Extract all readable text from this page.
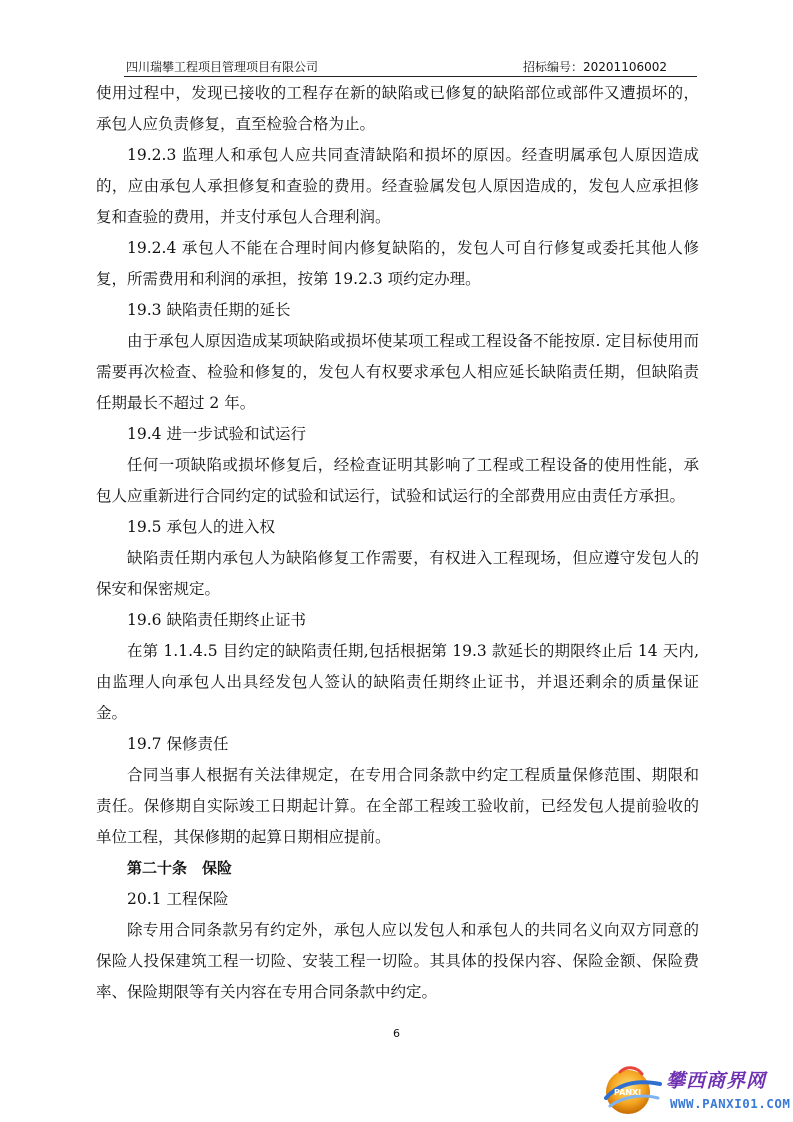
四川瑞攀工程项目管理项目有限公司	招标编号：20201106002

使用过程中，发现已接收的工程存在新的缺陷或已修复的缺陷部位或部件又遭损坏的，承包人应负责修复，直至检验合格为止。

19.2.3 监理人和承包人应共同查清缺陷和损坏的原因。经查明属承包人原因造成的，应由承包人承担修复和查验的费用。经查验属发包人原因造成的，发包人应承担修复和查验的费用，并支付承包人合理利润。

19.2.4 承包人不能在合理时间内修复缺陷的，发包人可自行修复或委托其他人修复，所需费用和利润的承担，按第 19.2.3 项约定办理。

19.3 缺陷责任期的延长

由于承包人原因造成某项缺陷或损坏使某项工程或工程设备不能按原. 定目标使用而需要再次检查、检验和修复的，发包人有权要求承包人相应延长缺陷责任期，但缺陷责任期最长不超过 2 年。

19.4 进一步试验和试运行

任何一项缺陷或损坏修复后，经检查证明其影响了工程或工程设备的使用性能，承包人应重新进行合同约定的试验和试运行，试验和试运行的全部费用应由责任方承担。

19.5 承包人的进入权

缺陷责任期内承包人为缺陷修复工作需要，有权进入工程现场，但应遵守发包人的保安和保密规定。

19.6 缺陷责任期终止证书

在第 1.1.4.5 目约定的缺陷责任期,包括根据第 19.3 款延长的期限终止后 14 天内,由监理人向承包人出具经发包人签认的缺陷责任期终止证书，并退还剩余的质量保证金。

19.7 保修责任

合同当事人根据有关法律规定，在专用合同条款中约定工程质量保修范围、期限和责任。保修期自实际竣工日期起计算。在全部工程竣工验收前，已经发包人提前验收的单位工程，其保修期的起算日期相应提前。

第二十条　保险

20.1 工程保险

除专用合同条款另有约定外，承包人应以发包人和承包人的共同名义向双方同意的保险人投保建筑工程一切险、安装工程一切险。其具体的投保内容、保险金额、保险费率、保险期限等有关内容在专用合同条款中约定。

6
PANXI
攀西商界网
WWW.PANXI01.COM
